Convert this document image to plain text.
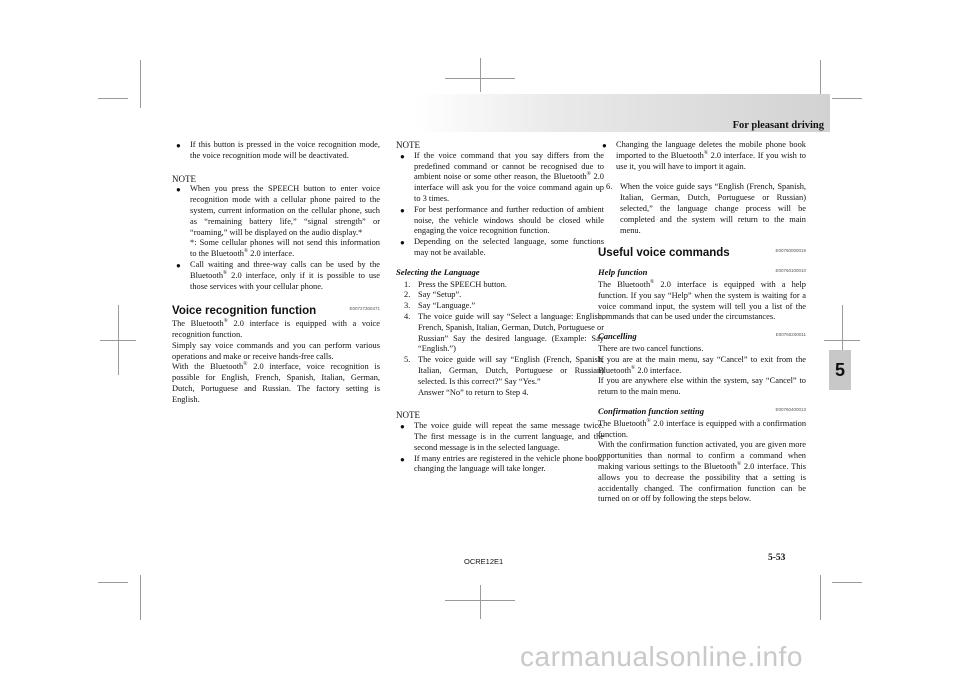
For pleasant driving
5
● If this button is pressed in the voice recognition mode, the voice recognition mode will be deactivated.
NOTE
● When you press the SPEECH button to enter voice recognition mode with a cellular phone paired to the system, current information on the cellular phone, such as “remaining battery life,” “signal strength” or “roaming,” will be displayed on the audio display.*
*: Some cellular phones will not send this information to the Bluetooth® 2.0 interface.
● Call waiting and three-way calls can be used by the Bluetooth® 2.0 interface, only if it is possible to use those services with your cellular phone.
Voice recognition function	E00727300471

The Bluetooth® 2.0 interface is equipped with a voice recognition function.

Simply say voice commands and you can perform various operations and make or receive hands-free calls.

With the Bluetooth® 2.0 interface, voice recognition is possible for English, French, Spanish, Italian, German, Dutch, Portuguese and Russian. The factory setting is English.

NOTE
● If the voice command that you say differs from the predefined command or cannot be recognised due to ambient noise or some other reason, the Bluetooth® 2.0 interface will ask you for the voice command again up to 3 times.
● For best performance and further reduction of ambient noise, the vehicle windows should be closed while engaging the voice recognition function.
● Depending on the selected language, some functions may not be available.
Selecting the Language
1. Press the SPEECH button.
2. Say “Setup”.
3. Say “Language.”
4. The voice guide will say “Select a language: English, French, Spanish, Italian, German, Dutch, Portuguese or Russian” Say the desired language. (Example: Say “English.”)
5. The voice guide will say “English (French, Spanish, Italian, German, Dutch, Portuguese or Russian) selected. Is this correct?” Say “Yes.”
Answer “No” to return to Step 4.
NOTE
● The voice guide will repeat the same message twice. The first message is in the current language, and the second message is in the selected language.
● If many entries are registered in the vehicle phone book, changing the language will take longer.
● Changing the language deletes the mobile phone book imported to the Bluetooth® 2.0 interface. If you wish to use it, you will have to import it again.
6. When the voice guide says “English (French, Spanish, Italian, German, Dutch, Portuguese or Russian) selected,” the language change process will be completed and the system will return to the main menu.
Useful voice commands	E00760000019
Help function	E00760100010

The Bluetooth® 2.0 interface is equipped with a help function. If you say “Help” when the system is waiting for a voice command input, the system will tell you a list of the commands that can be used under the circumstances.

Cancelling	E00760200011

There are two cancel functions.

If you are at the main menu, say “Cancel” to exit from the Bluetooth® 2.0 interface.

If you are anywhere else within the system, say “Cancel” to return to the main menu.

Confirmation function setting	E00760400013

The Bluetooth® 2.0 interface is equipped with a confirmation function.

With the confirmation function activated, you are given more opportunities than normal to confirm a command when making various settings to the Bluetooth® 2.0 interface. This allows you to decrease the possibility that a setting is accidentally changed. The confirmation function can be turned on or off by following the steps below.

OCRE12E1	5-53
carmanualsonline.info
